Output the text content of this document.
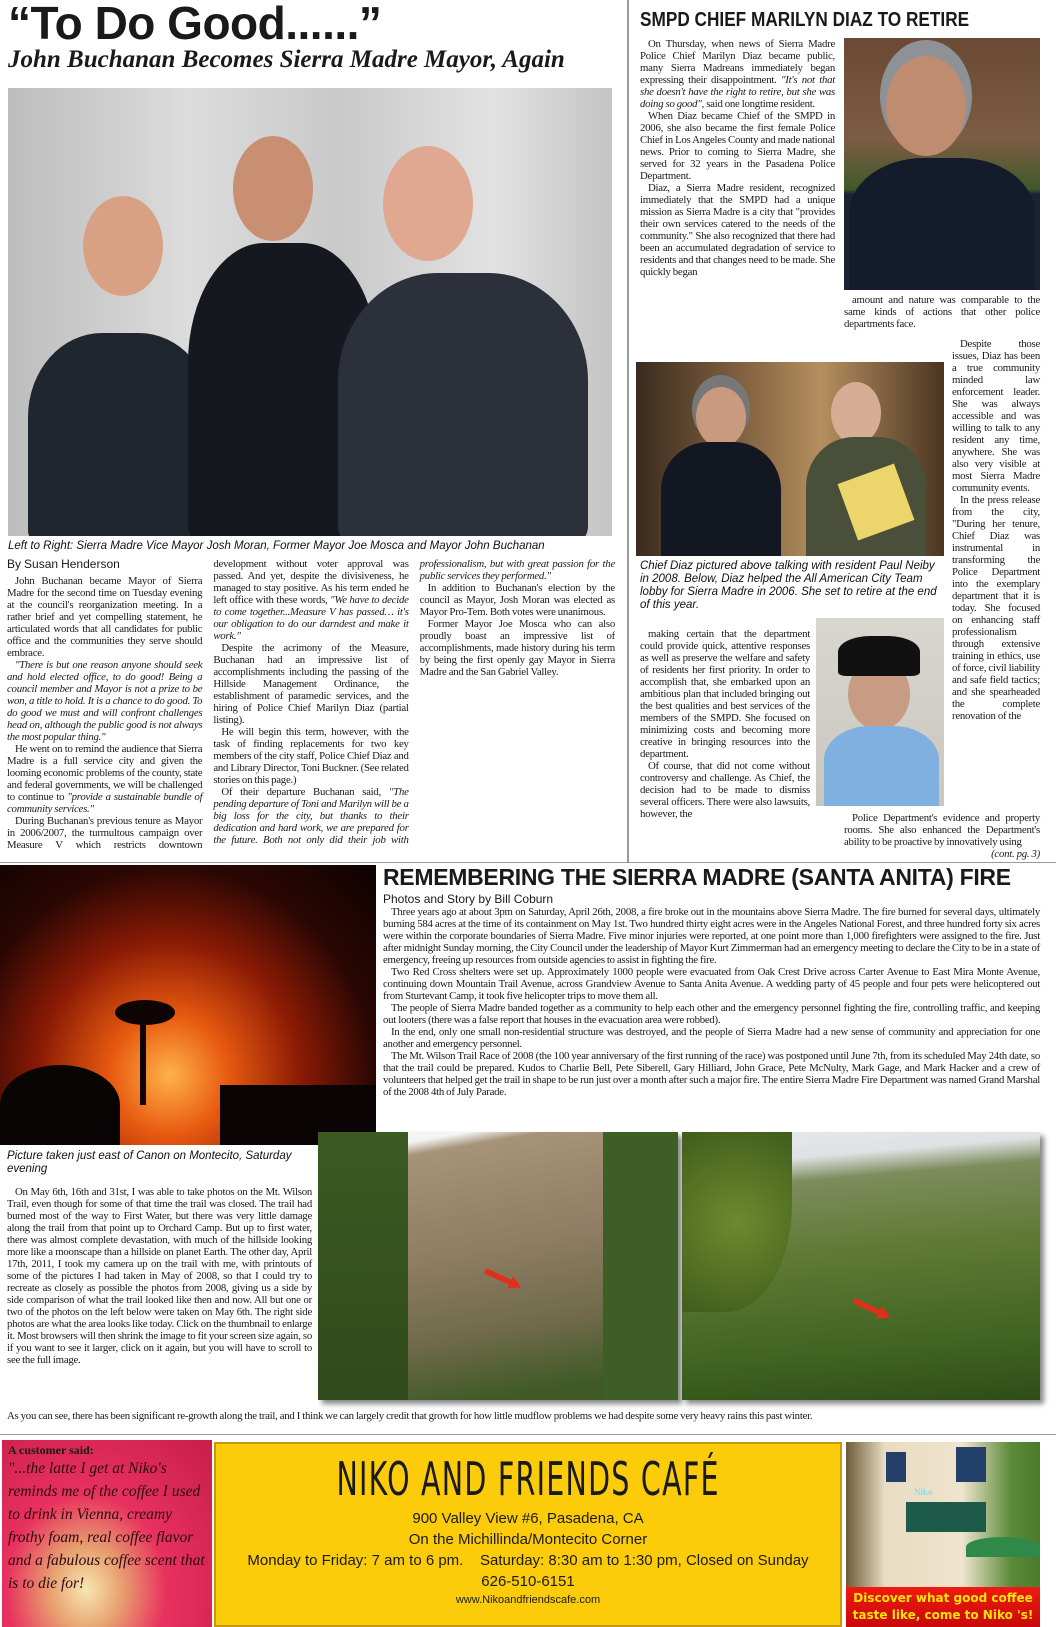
“To Do Good......”
John Buchanan Becomes Sierra Madre Mayor, Again
Left to Right: Sierra Madre Vice Mayor Josh Moran, Former Mayor Joe Mosca and Mayor John Buchanan
By Susan Henderson

John Buchanan became Mayor of Sierra Madre for the second time on Tuesday evening at the council's reorganization meeting. In a rather brief and yet compelling statement, he articulated words that all candidates for public office and the communities they serve should embrace.

"There is but one reason anyone should seek and hold elected office, to do good! Being a council member and Mayor is not a prize to be won, a title to hold. It is a chance to do good. To do good we must and will confront challenges head on, although the public good is not always the most popular thing."

He went on to remind the audience that Sierra Madre is a full service city and given the looming economic problems of the county, state and federal governments, we will be challenged to continue to "provide a sustainable bundle of community services."

During Buchanan's previous tenure as Mayor in 2006/2007, the turmultous campaign over Measure V which restricts downtown development without voter approval was passed. And yet, despite the divisiveness, he managed to stay positive. As his term ended he left office with these words, "We have to decide to come together...Measure V has passed… it's our obligation to do our darndest and make it work."

Despite the acrimony of the Measure, Buchanan had an impressive list of accomplishments including the passing of the Hillside Management Ordinance, the establishment of paramedic services, and the hiring of Police Chief Marilyn Diaz (partial listing).

He will begin this term, however, with the task of finding replacements for two key members of the city staff, Police Chief Diaz and and Library Director, Toni Buckner. (See related stories on this page.)

Of their departure Buchanan said, "The pending departure of Toni and Marilyn will be a big loss for the city, but thanks to their dedication and hard work, we are prepared for the future. Both not only did their job with professionalism, but with great passion for the public services they performed."

In addition to Buchanan's election by the council as Mayor, Josh Moran was elected as Mayor Pro-Tem. Both votes were unanimous.

Former Mayor Joe Mosca who can also proudly boast an impressive list of accomplishments, made history during his term by being the first openly gay Mayor in Sierra Madre and the San Gabriel Valley.

SMPD CHIEF MARILYN DIAZ TO RETIRE

On Thursday, when news of Sierra Madre Police Chief Marilyn Diaz became public, many Sierra Madreans immediately began expressing their disappointment. "It's not that she doesn't have the right to retire, but she was doing so good", said one longtime resident.

When Diaz became Chief of the SMPD in 2006, she also became the first female Police Chief in Los Angeles County and made national news. Prior to coming to Sierra Madre, she served for 32 years in the Pasadena Police Department.

Diaz, a Sierra Madre resident, recognized immediately that the SMPD had a unique mission as Sierra Madre is a city that "provides their own services catered to the needs of the community." She also recognized that there had been an accumulated degradation of service to residents and that changes need to be made. She quickly began

amount and nature was comparable to the same kinds of actions that other police departments face.

Despite those issues, Diaz has been a true community minded law enforcement leader. She was always accessible and was willing to talk to any resident any time, anywhere. She was also very visible at most Sierra Madre community events.

In the press release from the city, "During her tenure, Chief Diaz was instrumental in transforming the Police Department into the exemplary department that it is today. She focused on enhancing staff professionalism through extensive training in ethics, use of force, civil liability and safe field tactics; and she spearheaded the complete renovation of the

Chief Diaz pictured above talking with resident Paul Neiby in 2008. Below, Diaz helped the All American City Team lobby for Sierra Madre in 2006. She set to retire at the end of this year.

making certain that the department could provide quick, attentive responses as well as preserve the welfare and safety of residents her first priority. In order to accomplish that, she embarked upon an ambitious plan that included bringing out the best qualities and best services of the members of the SMPD. She focused on minimizing costs and becoming more creative in bringing resources into the department.

Of course, that did not come without controversy and challenge. As Chief, the decision had to be made to dismiss several officers. There were also lawsuits, however, the	Police Department's evidence and property rooms. She also enhanced the Department's ability to be proactive by innovatively using

(cont. pg. 3)
REMEMBERING THE SIERRA MADRE (SANTA ANITA) FIRE
Photos and Story by Bill Coburn

Three years ago at about 3pm on Saturday, April 26th, 2008, a fire broke out in the mountains above Sierra Madre. The fire burned for several days, ultimately burning 584 acres at the time of its containment on May 1st. Two hundred thirty eight acres were in the Angeles National Forest, and three hundred forty six acres were within the corporate boundaries of Sierra Madre. Five minor injuries were reported, at one point more than 1,000 firefighters were assigned to the fire. Just after midnight Sunday morning, the City Council under the leadership of Mayor Kurt Zimmerman had an emergency meeting to declare the City to be in a state of emergency, freeing up resources from outside agencies to assist in fighting the fire.

Two Red Cross shelters were set up. Approximately 1000 people were evacuated from Oak Crest Drive across Carter Avenue to East Mira Monte Avenue, continuing down Mountain Trail Avenue, across Grandview Avenue to Santa Anita Avenue. A wedding party of 45 people and four pets were helicoptered out from Sturtevant Camp, it took five helicopter trips to move them all.

The people of Sierra Madre banded together as a community to help each other and the emergency personnel fighting the fire, controlling traffic, and keeping out looters (there was a false report that houses in the evacuation area were robbed).

In the end, only one small non-residential structure was destroyed, and the people of Sierra Madre had a new sense of community and appreciation for one another and emergency personnel.

The Mt. Wilson Trail Race of 2008 (the 100 year anniversary of the first running of the race) was postponed until June 7th, from its scheduled May 24th date, so that the trail could be prepared. Kudos to Charlie Bell, Pete Siberell, Gary Hilliard, John Grace, Pete McNulty, Mark Gage, and Mark Hacker and a crew of volunteers that helped get the trail in shape to be run just over a month after such a major fire. The entire Sierra Madre Fire Department was named Grand Marshal of the 2008 4th of July Parade.

Picture taken just east of Canon on Montecito, Saturday evening

On May 6th, 16th and 31st, I was able to take photos on the Mt. Wilson Trail, even though for some of that time the trail was closed. The trail had burned most of the way to First Water, but there was very little damage along the trail from that point up to Orchard Camp. But up to first water, there was almost complete devastation, with much of the hillside looking more like a moonscape than a hillside on planet Earth. The other day, April 17th, 2011, I took my camera up on the trail with me, with printouts of some of the pictures I had taken in May of 2008, so that I could try to recreate as closely as possible the photos from 2008, giving us a side by side comparison of what the trail looked like then and now. All but one or two of the photos on the left below were taken on May 6th. The right side photos are what the area looks like today. Click on the thumbnail to enlarge it. Most browsers will then shrink the image to fit your screen size again, so if you want to see it larger, click on it again, but you will have to scroll to see the full image.

As you can see, there has been significant re-growth along the trail, and I think we can largely credit that growth for how little mudflow problems we had despite some very heavy rains this past winter.
A customer said:
"...the latte I get at Niko's reminds me of the coffee I used to drink in Vienna, creamy frothy foam, real coffee flavor and a fabulous coffee scent that is to die for!
NIKO AND FRIENDS CAFÉ
900 Valley View #6, Pasadena, CA
On the Michillinda/Montecito Corner
Monday to Friday: 7 am to 6 pm.    Saturday: 8:30 am to 1:30 pm, Closed on Sunday
626-510-6151
www.Nikoandfriendscafe.com
Niko
Discover what good coffee taste like, come to Niko 's!
